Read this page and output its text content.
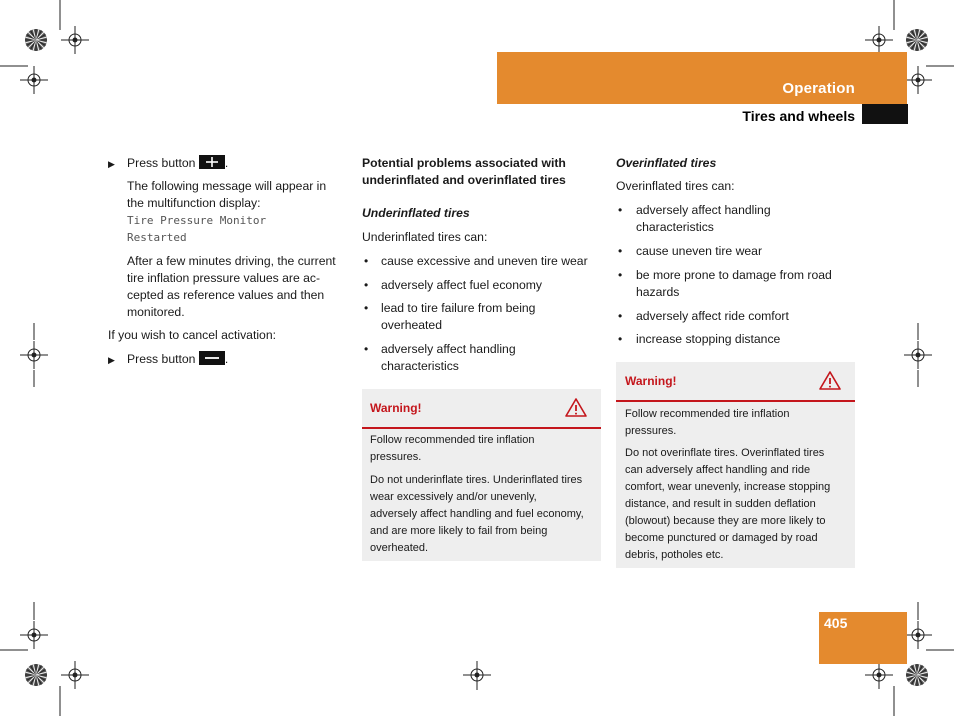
Operation
Tires and wheels
▶ Press button .
The following message will appear in
the multifunction display:
Tire Pressure Monitor
Restarted
After a few minutes driving, the current
tire inflation pressure values are ac-
cepted as reference values and then
monitored.
If you wish to cancel activation:
▶ Press button .
Potential problems associated with
underinflated and overinflated tires
Underinflated tires
Underinflated tires can:
• cause excessive and uneven tire wear
• adversely affect fuel economy
• lead to tire failure from being
overheated
• adversely affect handling
characteristics
Warning!
Follow recommended tire inflation
pressures.
Do not underinflate tires. Underinflated tires
wear excessively and/or unevenly,
adversely affect handling and fuel economy,
and are more likely to fail from being
overheated.
Overinflated tires
Overinflated tires can:
• adversely affect handling
characteristics
• cause uneven tire wear
• be more prone to damage from road
hazards
• adversely affect ride comfort
• increase stopping distance
Warning!
Follow recommended tire inflation
pressures.
Do not overinflate tires. Overinflated tires
can adversely affect handling and ride
comfort, wear unevenly, increase stopping
distance, and result in sudden deflation
(blowout) because they are more likely to
become punctured or damaged by road
debris, potholes etc.
405
